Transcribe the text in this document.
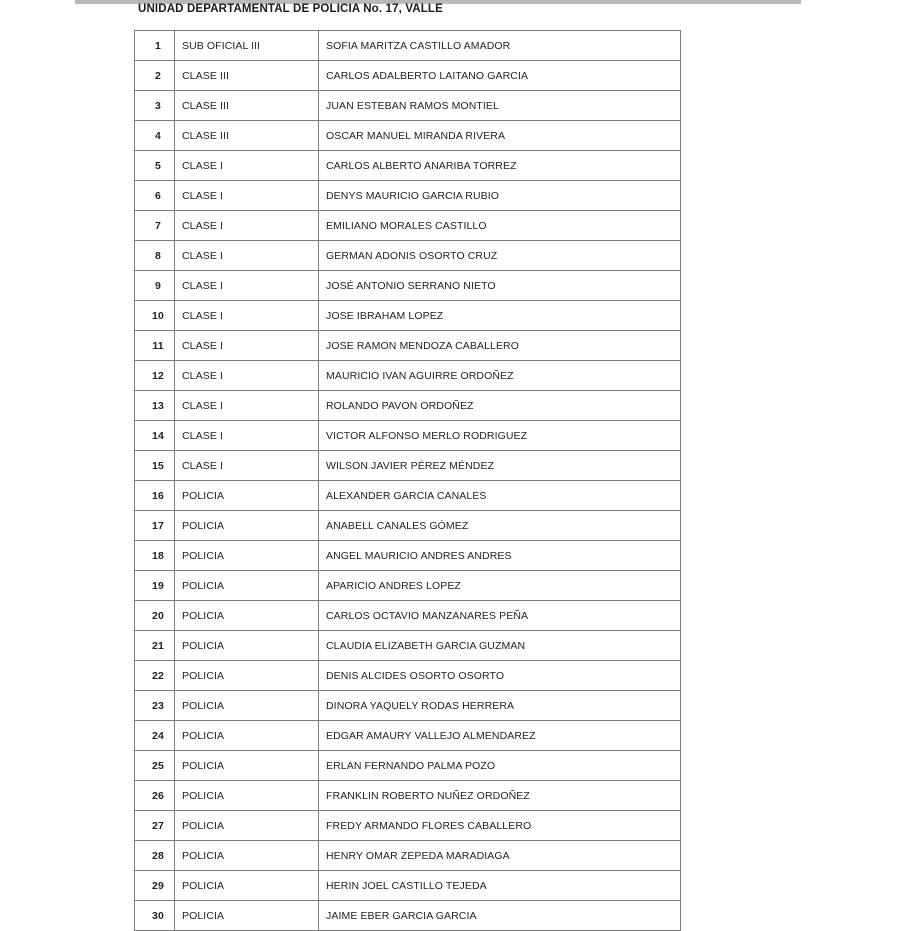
UNIDAD DEPARTAMENTAL DE POLICIA No. 17, VALLE
1	SUB OFICIAL III	SOFIA MARITZA CASTILLO AMADOR
2	CLASE III	CARLOS ADALBERTO LAITANO GARCIA
3	CLASE III	JUAN ESTEBAN RAMOS MONTIEL
4	CLASE III	OSCAR MANUEL MIRANDA RIVERA
5	CLASE I	CARLOS ALBERTO ANARIBA TORREZ
6	CLASE I	DENYS MAURICIO GARCIA RUBIO
7	CLASE I	EMILIANO MORALES CASTILLO
8	CLASE I	GERMAN ADONIS OSORTO CRUZ
9	CLASE I	JOSÉ ANTONIO SERRANO NIETO
10	CLASE I	JOSE IBRAHAM LOPEZ
11	CLASE I	JOSE RAMON MENDOZA CABALLERO
12	CLASE I	MAURICIO IVAN AGUIRRE ORDOÑEZ
13	CLASE I	ROLANDO PAVON ORDOÑEZ
14	CLASE I	VICTOR ALFONSO MERLO RODRIGUEZ
15	CLASE I	WILSON JAVIER PÉREZ MÉNDEZ
16	POLICIA	ALEXANDER GARCIA CANALES
17	POLICIA	ANABELL CANALES GÓMEZ
18	POLICIA	ANGEL MAURICIO ANDRES ANDRES
19	POLICIA	APARICIO ANDRES LOPEZ
20	POLICIA	CARLOS OCTAVIO MANZANARES PEÑA
21	POLICIA	CLAUDIA ELIZABETH GARCIA GUZMAN
22	POLICIA	DENIS ALCIDES OSORTO OSORTO
23	POLICIA	DINORA YAQUELY RODAS HERRERA
24	POLICIA	EDGAR AMAURY VALLEJO ALMENDAREZ
25	POLICIA	ERLAN FERNANDO PALMA POZO
26	POLICIA	FRANKLIN ROBERTO NUÑEZ ORDOÑEZ
27	POLICIA	FREDY ARMANDO FLORES CABALLERO
28	POLICIA	HENRY OMAR ZEPEDA MARADIAGA
29	POLICIA	HERIN JOEL CASTILLO TEJEDA
30	POLICIA	JAIME EBER GARCIA GARCIA
